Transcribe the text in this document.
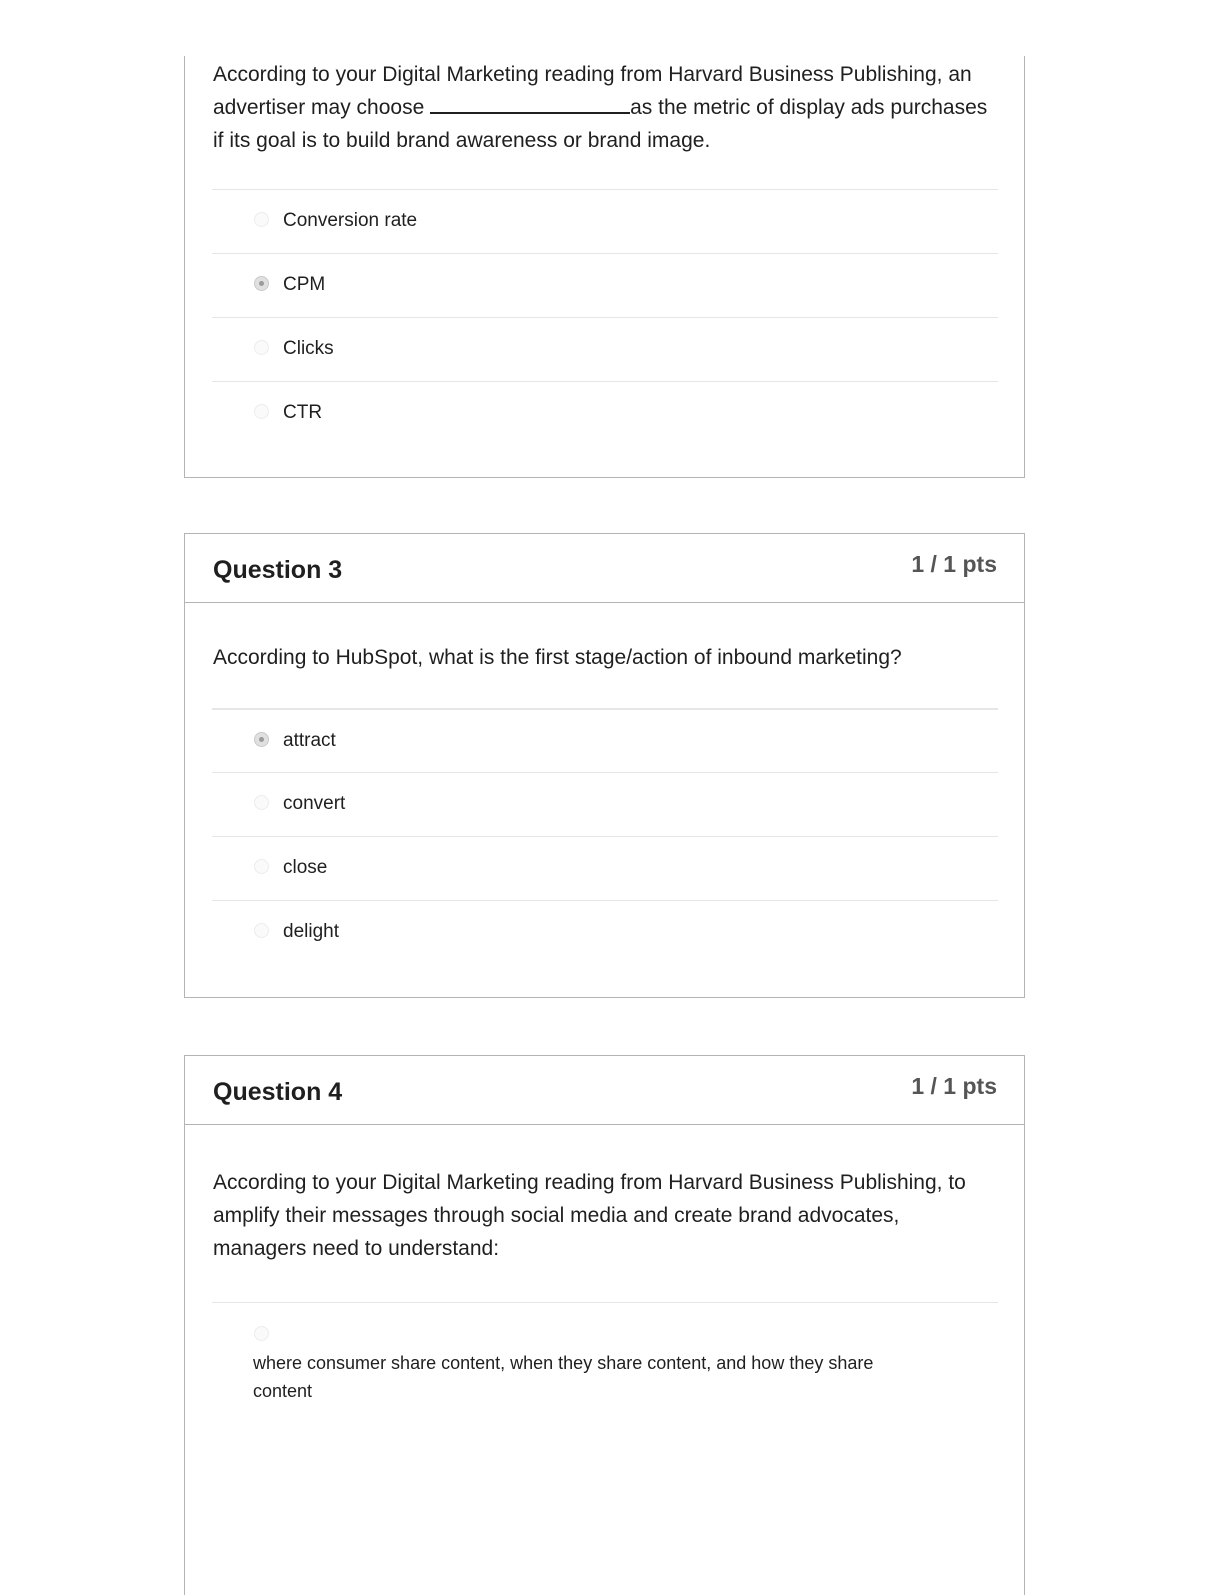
According to your Digital Marketing reading from Harvard Business Publishing, an advertiser may choose	as the metric of display ads purchases if its goal is to build brand awareness or brand image.
Conversion rate
CPM
Clicks
CTR
Question 3	1 / 1 pts
According to HubSpot, what is the first stage/action of inbound marketing?
attract
convert
close
delight
Question 4	1 / 1 pts
According to your Digital Marketing reading from Harvard Business Publishing, to amplify their messages through social media and create brand advocates, managers need to understand:
where consumer share content, when they share content, and how they share content
